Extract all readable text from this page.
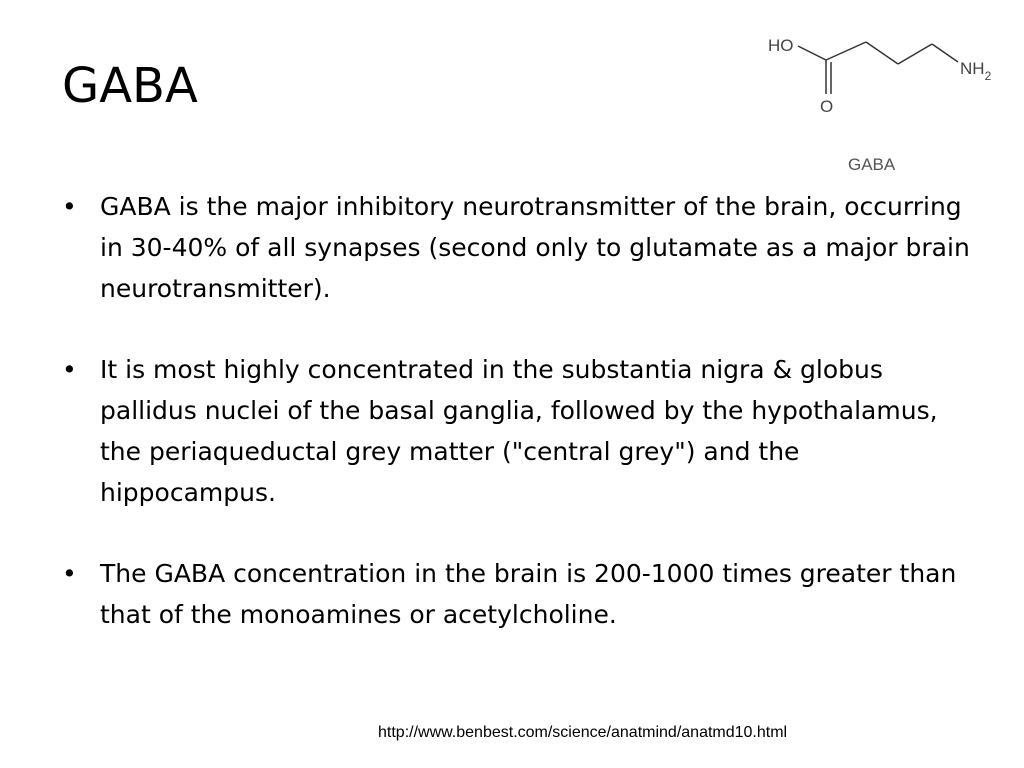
GABA
HO
O
$NH_2$
GABA
• GABA is the major inhibitory neurotransmitter of the brain, occurring in 30-40% of all synapses (second only to glutamate as a major brain neurotransmitter).
• It is most highly concentrated in the substantia nigra & globus pallidus nuclei of the basal ganglia, followed by the hypothalamus, the periaqueductal grey matter ("central grey") and the hippocampus.
• The GABA concentration in the brain is 200-1000 times greater than that of the monoamines or acetylcholine.
http://www.benbest.com/science/anatmind/anatmd10.html
